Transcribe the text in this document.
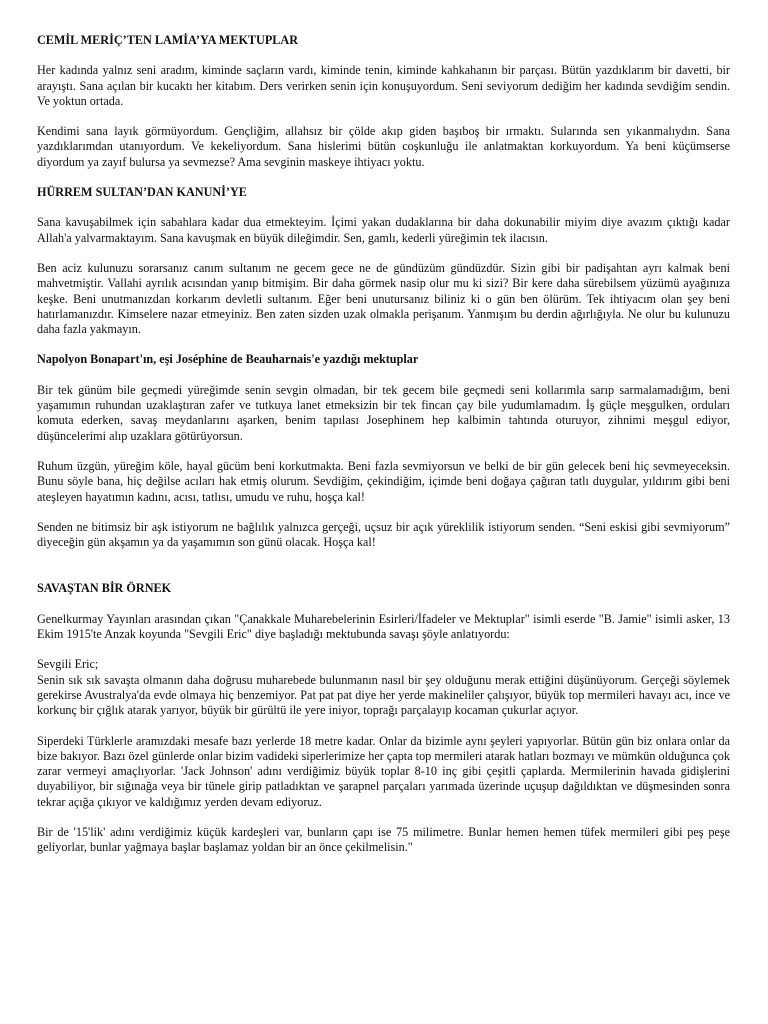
CEMİL MERİÇ’TEN LAMİA’YA MEKTUPLAR

Her kadında yalnız seni aradım, kiminde saçların vardı, kiminde tenin, kiminde kahkahanın bir parçası. Bütün yazdıklarım bir davetti, bir arayıştı. Sana açılan bir kucaktı her kitabım. Ders verirken senin için konuşuyordum. Seni seviyorum dediğim her kadında sevdiğim sendin. Ve yoktun ortada.

Kendimi sana layık görmüyordum. Gençliğim, allahsız bir çölde akıp giden başıboş bir ırmaktı. Sularında sen yıkanmalıydın. Sana yazdıklarımdan utanıyordum. Ve kekeliyordum. Sana hislerimi bütün coşkunluğu ile anlatmaktan korkuyordum. Ya beni küçümserse diyordum ya zayıf bulursa ya sevmezse? Ama sevginin maskeye ihtiyacı yoktu.

HÜRREM SULTAN’DAN KANUNİ’YE

Sana kavuşabilmek için sabahlara kadar dua etmekteyim. İçimi yakan dudaklarına bir daha dokunabilir miyim diye avazım çıktığı kadar Allah'a yalvarmaktayım. Sana kavuşmak en büyük dileğimdir. Sen, gamlı, kederli yüreğimin tek ilacısın.

Ben aciz kulunuzu sorarsanız canım sultanım ne gecem gece ne de gündüzüm gündüzdür. Sizin gibi bir padişahtan ayrı kalmak beni mahvetmiştir. Vallahi ayrılık acısından yanıp bitmişim. Bir daha görmek nasip olur mu ki sizi? Bir kere daha sürebilsem yüzümü ayağınıza keşke. Beni unutmanızdan korkarım devletli sultanım. Eğer beni unutursanız biliniz ki o gün ben ölürüm. Tek ihtiyacım olan şey beni hatırlamanızdır. Kimselere nazar etmeyiniz. Ben zaten sizden uzak olmakla perişanım. Yanmışım bu derdin ağırlığıyla. Ne olur bu kulunuzu daha fazla yakmayın.

Napolyon Bonapart'ın, eşi Joséphine de Beauharnais'e yazdığı mektuplar

Bir tek günüm bile geçmedi yüreğimde senin sevgin olmadan, bir tek gecem bile geçmedi seni kollarımla sarıp sarmalamadığım, beni yaşamımın ruhundan uzaklaştıran zafer ve tutkuya lanet etmeksizin bir tek fincan çay bile yudumlamadım. İş güçle meşgulken, orduları komuta ederken, savaş meydanlarını aşarken, benim tapılası Josephinem hep kalbimin tahtında oturuyor, zihnimi meşgul ediyor, düşüncelerimi alıp uzaklara götürüyorsun.

Ruhum üzgün, yüreğim köle, hayal gücüm beni korkutmakta. Beni fazla sevmiyorsun ve belki de bir gün gelecek beni hiç sevmeyeceksin. Bunu söyle bana, hiç değilse acıları hak etmiş olurum. Sevdiğim, çekindiğim, içimde beni doğaya çağıran tatlı duygular, yıldırım gibi beni ateşleyen hayatımın kadını, acısı, tatlısı, umudu ve ruhu, hoşça kal!

Senden ne bitimsiz bir aşk istiyorum ne bağlılık yalnızca gerçeği, uçsuz bir açık yüreklilik istiyorum senden. “Seni eskisi gibi sevmiyorum” diyeceğin gün akşamın ya da yaşamımın son günü olacak. Hoşça kal!

SAVAŞTAN BİR ÖRNEK

Genelkurmay Yayınları arasından çıkan "Çanakkale Muharebelerinin Esirleri/İfadeler ve Mektuplar" isimli eserde "B. Jamie" isimli asker, 13 Ekim 1915'te Anzak koyunda "Sevgili Eric" diye başladığı mektubunda savaşı şöyle anlatıyordu:

Sevgili Eric;
Senin sık sık savaşta olmanın daha doğrusu muharebede bulunmanın nasıl bir şey olduğunu merak ettiğini düşünüyorum. Gerçeği söylemek gerekirse Avustralya'da evde olmaya hiç benzemiyor. Pat pat pat diye her yerde makineliler çalışıyor, büyük top mermileri havayı acı, ince ve korkunç bir çığlık atarak yarıyor, büyük bir gürültü ile yere iniyor, toprağı parçalayıp kocaman çukurlar açıyor.

Siperdeki Türklerle aramızdaki mesafe bazı yerlerde 18 metre kadar. Onlar da bizimle aynı şeyleri yapıyorlar. Bütün gün biz onlara onlar da bize bakıyor. Bazı özel günlerde onlar bizim vadideki siperlerimize her çapta top mermileri atarak hatları bozmayı ve mümkün olduğunca çok zarar vermeyi amaçlıyorlar. 'Jack Johnson' adını verdiğimiz büyük toplar 8-10 inç gibi çeşitli çaplarda. Mermilerinin havada gidişlerini duyabiliyor, bir sığınağa veya bir tünele girip patladıktan ve şarapnel parçaları yarımada üzerinde uçuşup dağıldıktan ve düşmesinden sonra tekrar açığa çıkıyor ve kaldığımız yerden devam ediyoruz.

Bir de '15'lik' adını verdiğimiz küçük kardeşleri var, bunların çapı ise 75 milimetre. Bunlar hemen hemen tüfek mermileri gibi peş peşe geliyorlar, bunlar yağmaya başlar başlamaz yoldan bir an önce çekilmelisin."
